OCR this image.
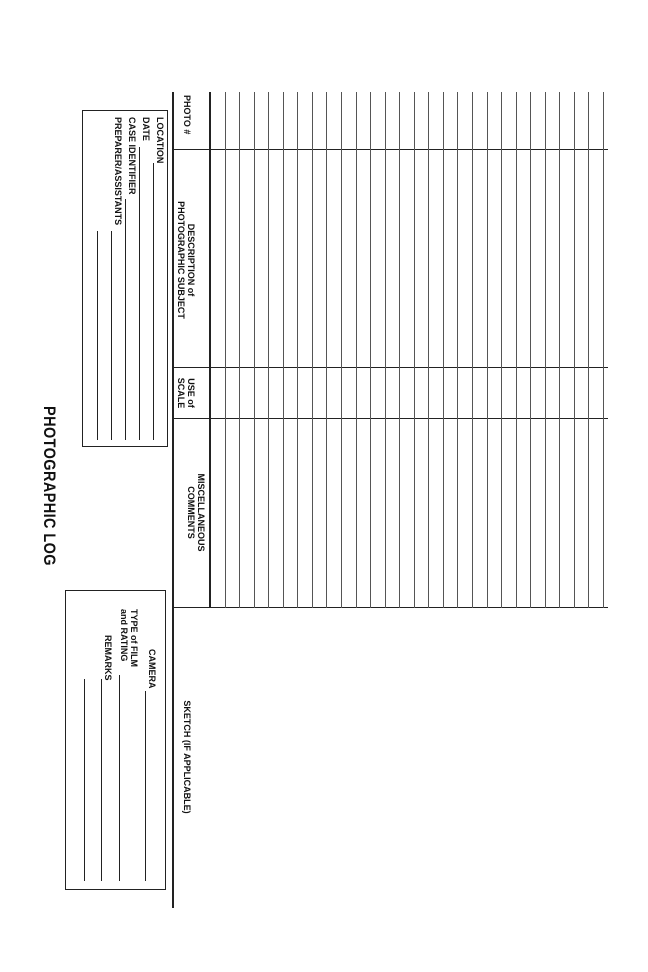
PHOTOGRAPHIC LOG
LOCATION
DATE
CASE IDENTIFIER
PREPARER/ASSISTANTS
CAMERA
TYPE of FILM
and RATING
REMARKS
PHOTO #
DESCRIPTION of
PHOTOGRAPHIC SUBJECT
USE of
SCALE
MISCELLANEOUS
COMMENTS
SKETCH (IF APPLICABLE)
